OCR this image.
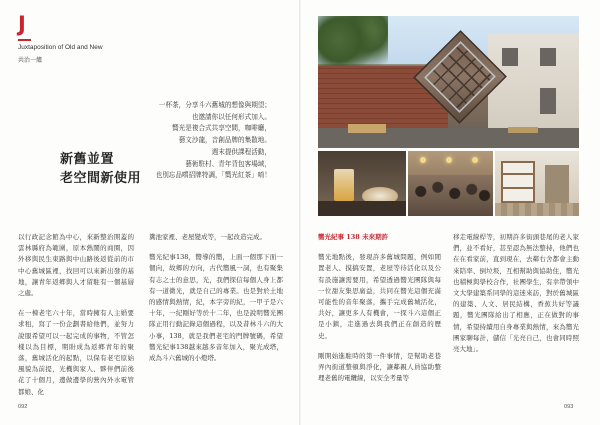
J
Juxtaposition of Old and New
共治一爐
一杯茶，分享斗六舊城的想像與期望；
也邀請你以任何形式加入。
嚮光是複合式共享空間，咖啡廳，
藝文沙龍，音創品牌的集散地。
週末提供課程活動，
藝術駐村、青年背包客場域，
也別忘品嚐招牌特調，「嚮光紅茶」唷！
新舊並置
老空間新使用

以行政記念館為中心，來新整治開蓋的雲林縣府為範圍，原本熱鬧的商圈，因外移與民生東路與中山路後返從前的市中心舊城區裡，找回可以來新出發的基地，讓青年返鄉與人才留駐有一個基層之處。

在一棟老宅六十年，當時擁有人主婚要求租，寫了一份企劃書給他們，並努力說服希望可以一起完成的事物，不管怎樣以為目標，期盼成為返鄉青年的聚落，舊城活化的起點，以保有老宅原始風貌為前提，光機與家人、夥伴們前後花了十個月，邊做邊學的營內外水電管都娘、化

糞池家裡、老屋變成等，一起改造完成。

嚮光紀事138，嚮導的嚮，上面一個那下面一個向，故鄉的方向，古代嚮風一詞，也有聚集有志之士的意思，光，我們探信每個人身上都有一道微光，就是自己的專業。也是對於土地的感情與熱情，紀，本字旁的紀，一甲子是六十年，一紀剛好等於十二年，也是說明嚮光團隊正用行動記錄這個過程，以及昔林斗六的大小事，138，就是我們老宅的門牌號碼，希望嚮光紀事138越來越多音年加入，聚光成塔，成為斗六舊城的小燈塔。

嚮光紀事 138 未來期許

嚮光地點後，發現許多舊城問題，例如閒置老人、摸搞安置，老屋等待活化以及公有設施讓需要用，希望透過嚮光團隊與每一位甜友集思廣益，共同在嚮光這個充滿可能性的音年聚落，攜手完成舊城活化，共好，讓更多人有機會，一探斗六這個正是小鎮，走進過去與我們正在創造的歷史。

剛開始進駐時的第一件事情，是幫助老巷弄內街道整頓與淨化，讓鄰親人員協助整理老舊的電纜線，以安全考量等

移走電線桿等，初期許多街頭巷尾的老人家們，並不看好，甚至認為無法整持，他們也在在看家前，直到現在，去鄰右舍都會主動來陪率、倒垃圾，互相幫助與協助住，嚮光也積極與學校合作，社團學生，有幸帶領中文大學建築系同學的這迷來訪，對於舊城區的建築、人文、居民結構，香蕉共好等議題，嚮光團隊給出了相應，正在做對的事情，希望持續用自身專業與熱情，來為嚮光團家聊每計，儲信「光亮自己，也會同時照亮大地」。

092	093
